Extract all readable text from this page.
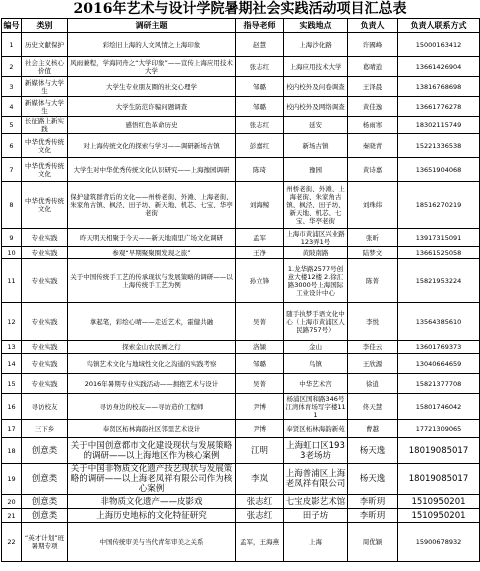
2016年艺术与设计学院暑期社会实践活动项目汇总表
编号	类别	调研主题	指导老师	实践地点	负责人	负责人联系方式
1	历史文献保护	彩绘旧上海的人文风情之上海印象	赵慧	上海沙化路	许國峰	15000163412
2	社会主义核心价值	风雨兼程，学海同舟之“大学印象”——宣传上海应用技术大学	张志红	上海应用技术大学	葛晴逍	13661426904
3	新媒体与大学生	大学生专业朋友圈的社交心理学	邹璐	校内校外及问卷调查	王泽晨	13816768698
4	新媒体与大学生	大学生防范诈骗问题调查	邹璐	校内校外及网络调查	黄佳逸	13661776278
5	长征路上新实践	感悟红色革命历史	张志红	延安	杨雨寒	18302115749
6	中华优秀传统文化	对上海传统文化的探索与学习——调研新场古镇	彭嘉红	新场古镇	秦晓青	15221336538
7	中华优秀传统文化	大学生对中华优秀传统文化认识研究——上海豫园调研	陈琦	豫园	黄诗嘉	13651904068
8	中华优秀传统文化	保护建筑群背后的文化——州桥老街、外滩、上海老街、朱家角古镇、枫泾、田子坊、新天地、机芯、七宝、华亭老街	刘海鲸	州桥老街、外滩、上海老街、朱家角古镇、枫泾、田子坊、新天地、机芯、七宝、华亭老街	刘珠纬	18516270219
9	专业实践	昨天明天相聚于今天——新天地南里广场文化调研	孟军	上海市黄浦区兴业路123弄1号	张昕	13917315091
10	专业实践	参观“早期聚聚圈发现之旅”	王净	黄陂南路	陆梦文	13661525058
11	专业实践	关于中国传统手工艺的传承现状与发展策略的调研——以上海传统手工艺为例	孙立锋	1.龙华路2577号创意大楼12楼 2.徐汇路3000号上海国际工业设计中心	陈菁	15821953224
12	专业实践	拿起笔，彩绘心晴——走近艺术，霍健共融	吴菁	随手执梦手语文化中心（上海市黄浦区人民路757号）	李悦	13564385610
13	专业实践	探索金山农民画之行	洛頴	金山	李佳云	13601769373
14	专业实践	鸟镇艺术文化与地域性文化之沟通的实践考察	邹璐	鸟镇	王欣源	13040664659
15	专业实践	2016年暑期专业实践活动——拥抱艺术与设计	吴菁	中华艺术宫	徐逍	15821377708
16	寻访校友	寻访身边的校友——寻访造价工程师	尹博	杨浦区国和路346号江湾体育场写字楼111	佟天慧	15801746042
17	三下乡	奉贤区柘林海韵社区邻里艺术设计	尹博	奉贤区柘林海韵新苑	曹越	17721309065
18	创意类	关于中国创意都市文化建设现状与发展策略的调研——以上海地区作为核心案例	江明	上海虹口区1933老场坊	杨天逸	18019085017
19	创意类	关于中国非物质文化遗产技艺现状与发展策略的调研——以上海老凤祥有限公司作为核心案例	李岚	上海普浦区上海老凤祥有限公司	杨天逸	18019085017
20	创意类	非物质文化遗产——皮影戏	张志红	七宝皮影艺术馆	李昕玥	1510950201
21	创意类	上海历史地标的文化特征研究	张志红	田子坊	李昕玥	1510950201
22	“英才计划”班暑期专项	中国传统审美与当代青年审美之关系	孟军，王海燕	上海	周优颖	15900678932
